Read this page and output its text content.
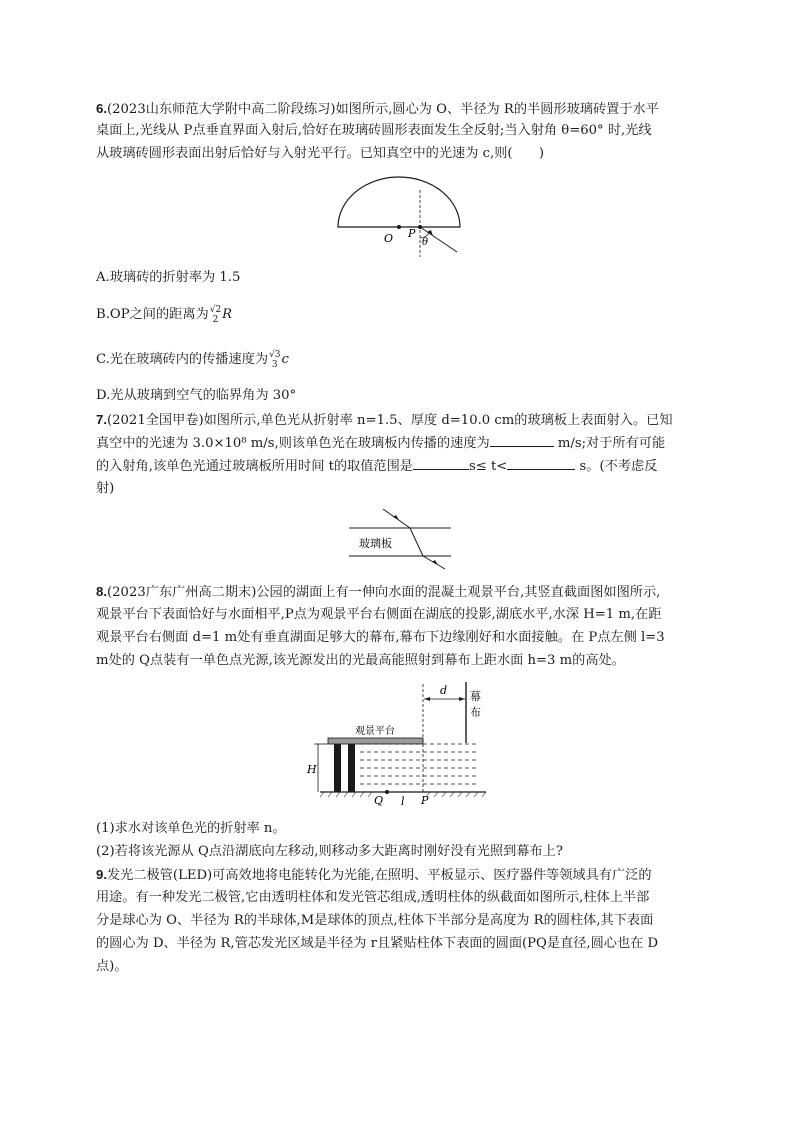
6.(2023山东师范大学附中高二阶段练习)如图所示,圆心为 O、半径为 R的半圆形玻璃砖置于水平
桌面上,光线从 P点垂直界面入射后,恰好在玻璃砖圆形表面发生全反射;当入射角 θ=60° 时,光线
从玻璃砖圆形表面出射后恰好与入射光平行。已知真空中的光速为 c,则(　　)
O P
θ
A.玻璃砖的折射率为 1.5
B.OP之间的距离为 √2
2 R
C.光在玻璃砖内的传播速度为 √3
3 c
D.光从玻璃到空气的临界角为 30°
7.(2021全国甲卷)如图所示,单色光从折射率 n=1.5、厚度 d=10.0 cm的玻璃板上表面射入。已知
真空中的光速为 3.0×10⁸ m/s,则该单色光在玻璃板内传播的速度为	m/s;对于所有可能
的入射角,该单色光通过玻璃板所用时间 t的取值范围是	s≤ t<	s。(不考虑反
射)
玻璃板
8.(2023广东广州高二期末)公园的湖面上有一伸向水面的混凝土观景平台,其竖直截面图如图所示,
观景平台下表面恰好与水面相平,P点为观景平台右侧面在湖底的投影,湖底水平,水深 H=1 m,在距
观景平台右侧面 d=1 m处有垂直湖面足够大的幕布,幕布下边缘刚好和水面接触。在 P点左侧 l=3
m处的 Q点装有一单色点光源,该光源发出的光最高能照射到幕布上距水面 h=3 m的高处。
d 幕
布
观景平台
H
Q l P
(1)求水对该单色光的折射率 n。
(2)若将该光源从 Q点沿湖底向左移动,则移动多大距离时刚好没有光照到幕布上?
9.发光二极管(LED)可高效地将电能转化为光能,在照明、平板显示、医疗器件等领域具有广泛的
用途。有一种发光二极管,它由透明柱体和发光管芯组成,透明柱体的纵截面如图所示,柱体上半部
分是球心为 O、半径为 R的半球体,M是球体的顶点,柱体下半部分是高度为 R的圆柱体,其下表面
的圆心为 D、半径为 R,管芯发光区域是半径为 r且紧贴柱体下表面的圆面(PQ是直径,圆心也在 D
点)。
